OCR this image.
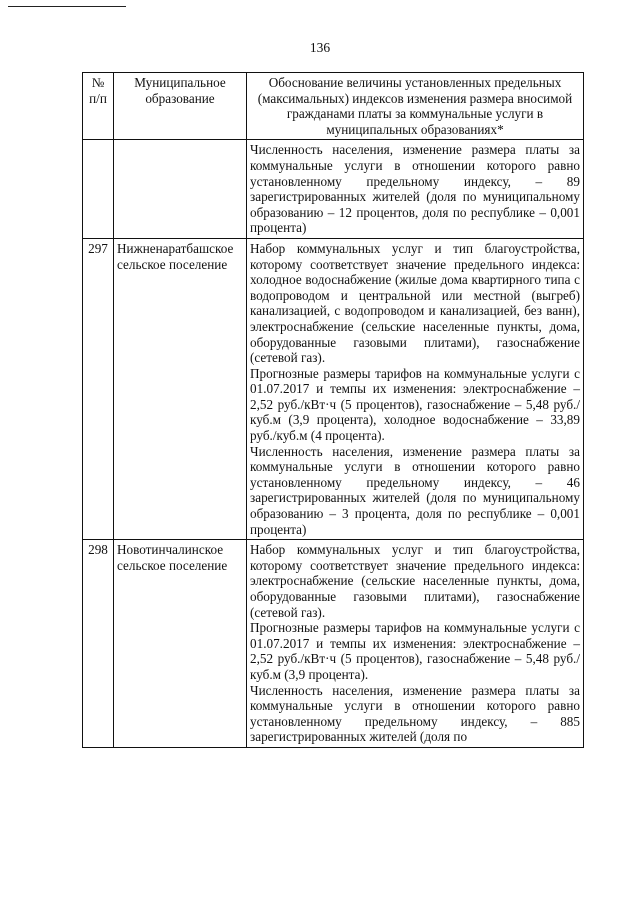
136
№ п/п	Муниципальное образование	Обоснование величины установленных предельных (максимальных) индексов изменения размера вносимой гражданами платы за коммунальные услуги в муниципальных образованиях*

		Численность населения, изменение размера платы за коммунальные услуги в отношении которого равно установленному предельному индексу, – 89 зарегистрированных жителей (доля по муниципальному образованию – 12 процентов, доля по республике – 0,001 процента)

297	Нижненаратбашское сельское поселение	Набор коммунальных услуг и тип благоустройства, которому соответствует значение предельного индекса: холодное водоснабжение (жилые дома квартирного типа с водопроводом и центральной или местной (выгреб) канализацией, с водопроводом и канализацией, без ванн), электроснабжение (сельские населенные пункты, дома, оборудованные газовыми плитами), газоснабжение (сетевой газ).

Прогнозные размеры тарифов на коммунальные услуги с 01.07.2017 и темпы их изменения: электроснабжение – 2,52 руб./кВт·ч (5 процентов), газоснабжение – 5,48 руб./куб.м (3,9 процента), холодное водоснабжение – 33,89 руб./куб.м (4 процента).

Численность населения, изменение размера платы за коммунальные услуги в отношении которого равно установленному предельному индексу, – 46 зарегистрированных жителей (доля по муниципальному образованию – 3 процента, доля по республике – 0,001 процента)

298	Новотинчалинское сельское поселение	Набор коммунальных услуг и тип благоустройства, которому соответствует значение предельного индекса: электроснабжение (сельские населенные пункты, дома, оборудованные газовыми плитами), газоснабжение (сетевой газ).

Прогнозные размеры тарифов на коммунальные услуги с 01.07.2017 и темпы их изменения: электроснабжение – 2,52 руб./кВт·ч (5 процентов), газоснабжение – 5,48 руб./куб.м (3,9 процента).

Численность населения, изменение размера платы за коммунальные услуги в отношении которого равно установленному предельному индексу, – 885 зарегистрированных жителей (доля по
